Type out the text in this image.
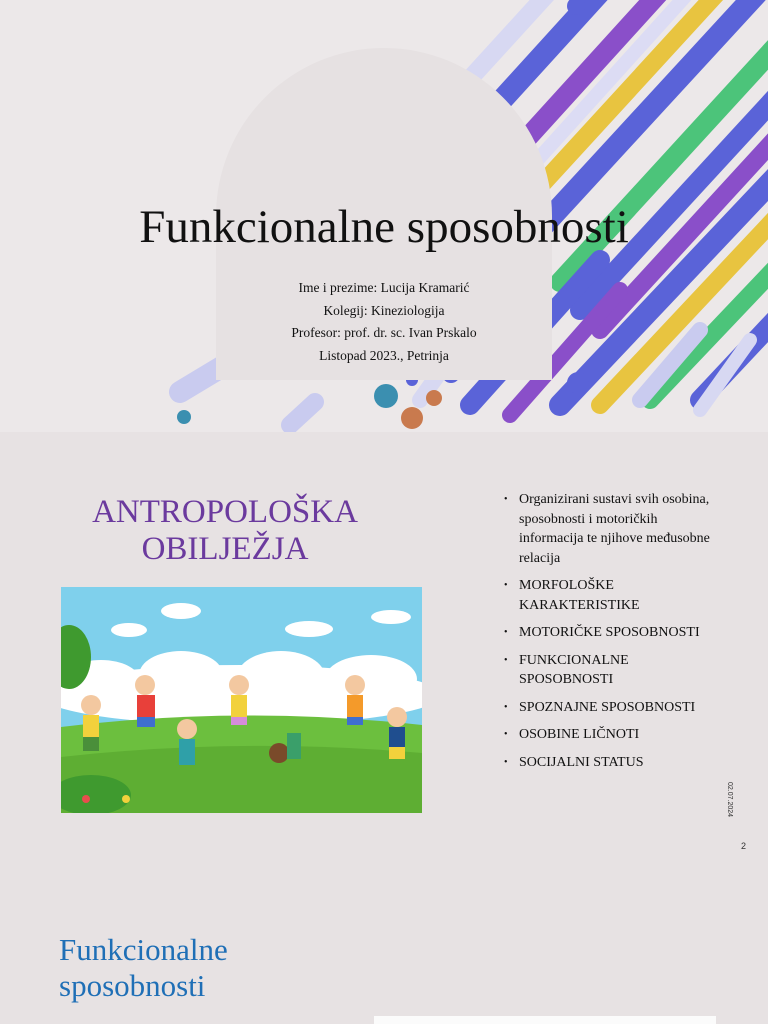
Funkcionalne sposobnosti
Ime i prezime: Lucija Kramarić
Kolegij: Kineziologija
Profesor: prof. dr. sc. Ivan Prskalo
Listopad 2023., Petrinja
ANTROPOLOŠKA OBILJEŽJA
• Organizirani sustavi svih osobina, sposobnosti i motoričkih informacija te njihove međusobne relacija
• MORFOLOŠKE KARAKTERISTIKE
• MOTORIČKE SPOSOBNOSTI
• FUNKCIONALNE SPOSOBNOSTI
• SPOZNAJNE SPOSOBNOSTI
• OSOBINE LIČNOTI
• SOCIJALNI STATUS
02.07.2024
2
Funkcionalne
sposobnosti
